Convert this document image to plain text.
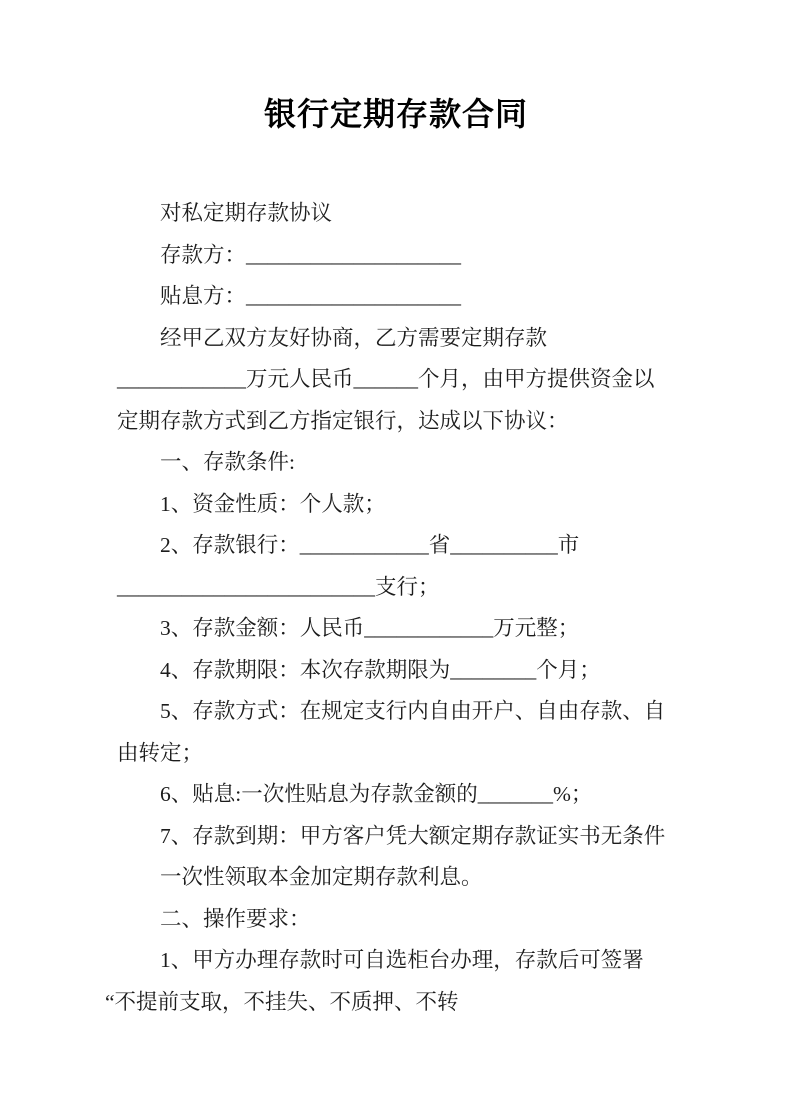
银行定期存款合同
对私定期存款协议
存款方：____________________
贴息方：____________________
经甲乙双方友好协商，乙方需要定期存款
____________万元人民币______个月，由甲方提供资金以
定期存款方式到乙方指定银行，达成以下协议：
一、存款条件:
1、资金性质：个人款；
2、存款银行：____________省__________市
________________________支行；
3、存款金额：人民币____________万元整；
4、存款期限：本次存款期限为________个月；
5、存款方式：在规定支行内自由开户、自由存款、自
由转定；
6、贴息:一次性贴息为存款金额的_______%；
7、存款到期：甲方客户凭大额定期存款证实书无条件
一次性领取本金加定期存款利息。
二、操作要求：
1、甲方办理存款时可自选柜台办理，存款后可签署
“不提前支取，不挂失、不质押、不转
